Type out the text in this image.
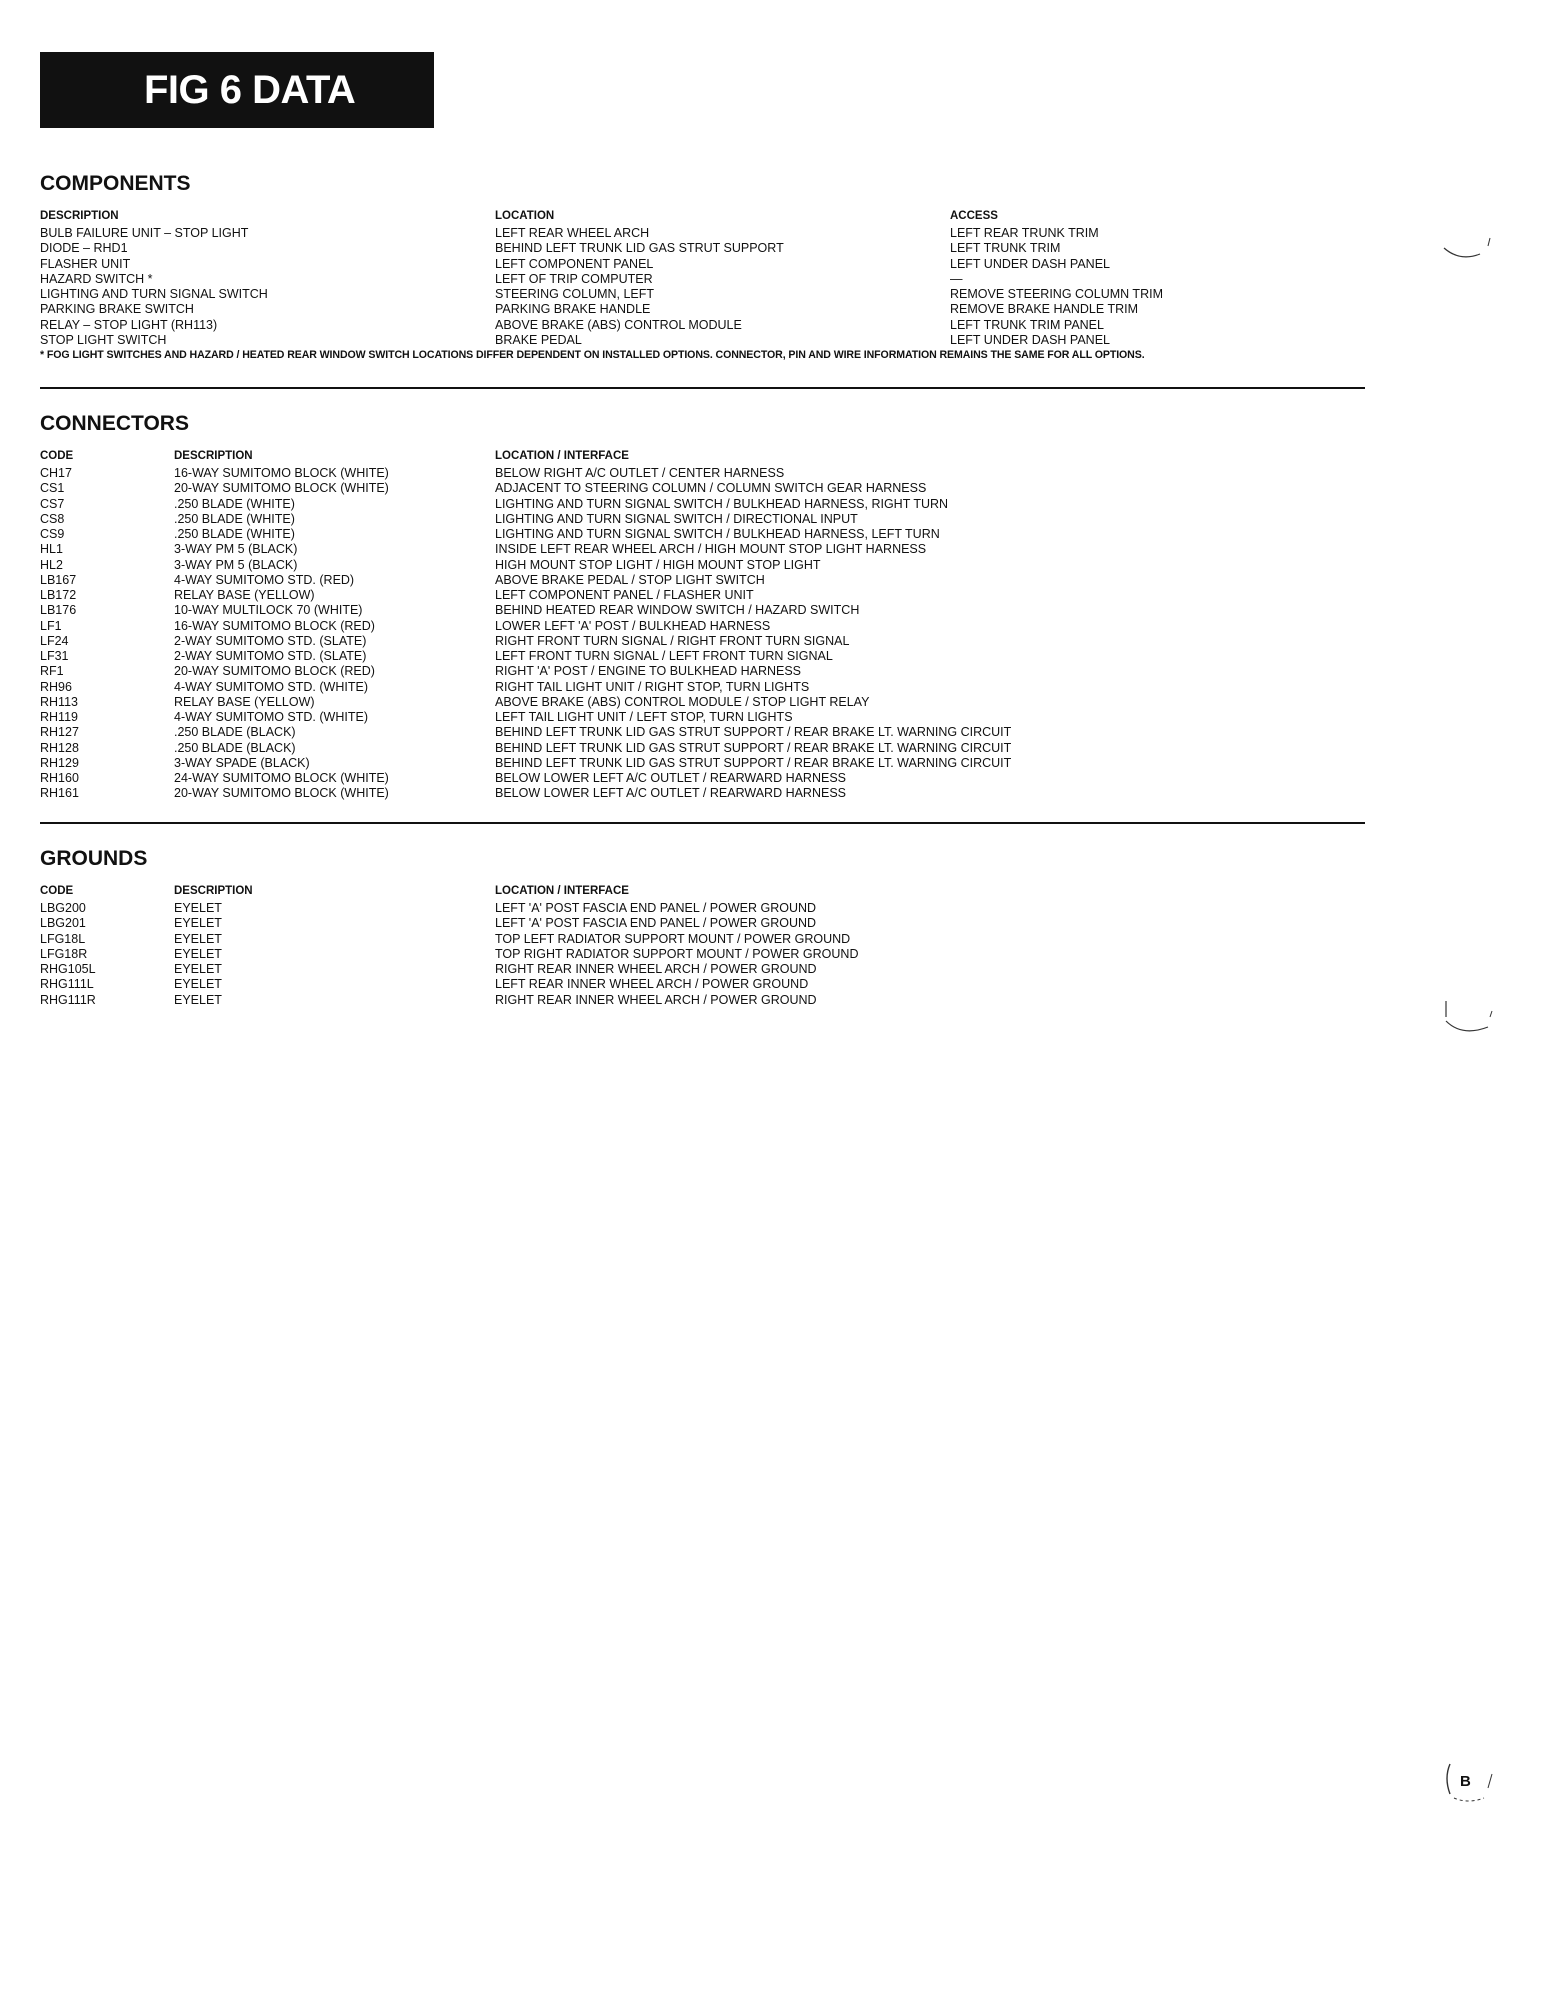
FIG 6 DATA
COMPONENTS
DESCRIPTION	LOCATION	ACCESS
BULB FAILURE UNIT – STOP LIGHT	LEFT REAR WHEEL ARCH	LEFT REAR TRUNK TRIM
DIODE – RHD1	BEHIND LEFT TRUNK LID GAS STRUT SUPPORT	LEFT TRUNK TRIM
FLASHER UNIT	LEFT COMPONENT PANEL	LEFT UNDER DASH PANEL
HAZARD SWITCH *	LEFT OF TRIP COMPUTER	—
LIGHTING AND TURN SIGNAL SWITCH	STEERING COLUMN, LEFT	REMOVE STEERING COLUMN TRIM
PARKING BRAKE SWITCH	PARKING BRAKE HANDLE	REMOVE BRAKE HANDLE TRIM
RELAY – STOP LIGHT (RH113)	ABOVE BRAKE (ABS) CONTROL MODULE	LEFT TRUNK TRIM PANEL
STOP LIGHT SWITCH	BRAKE PEDAL	LEFT UNDER DASH PANEL
* FOG LIGHT SWITCHES AND HAZARD / HEATED REAR WINDOW SWITCH LOCATIONS DIFFER DEPENDENT ON INSTALLED OPTIONS. CONNECTOR, PIN AND WIRE INFORMATION REMAINS THE SAME FOR ALL OPTIONS.
CONNECTORS
CODE	DESCRIPTION	LOCATION / INTERFACE
CH17	16-WAY SUMITOMO BLOCK (WHITE)	BELOW RIGHT A/C OUTLET / CENTER HARNESS
CS1	20-WAY SUMITOMO BLOCK (WHITE)	ADJACENT TO STEERING COLUMN / COLUMN SWITCH GEAR HARNESS
CS7	.250 BLADE (WHITE)	LIGHTING AND TURN SIGNAL SWITCH / BULKHEAD HARNESS, RIGHT TURN
CS8	.250 BLADE (WHITE)	LIGHTING AND TURN SIGNAL SWITCH / DIRECTIONAL INPUT
CS9	.250 BLADE (WHITE)	LIGHTING AND TURN SIGNAL SWITCH / BULKHEAD HARNESS, LEFT TURN
HL1	3-WAY PM 5 (BLACK)	INSIDE LEFT REAR WHEEL ARCH / HIGH MOUNT STOP LIGHT HARNESS
HL2	3-WAY PM 5 (BLACK)	HIGH MOUNT STOP LIGHT / HIGH MOUNT STOP LIGHT
LB167	4-WAY SUMITOMO STD. (RED)	ABOVE BRAKE PEDAL / STOP LIGHT SWITCH
LB172	RELAY BASE (YELLOW)	LEFT COMPONENT PANEL / FLASHER UNIT
LB176	10-WAY MULTILOCK 70 (WHITE)	BEHIND HEATED REAR WINDOW SWITCH / HAZARD SWITCH
LF1	16-WAY SUMITOMO BLOCK (RED)	LOWER LEFT 'A' POST / BULKHEAD HARNESS
LF24	2-WAY SUMITOMO STD. (SLATE)	RIGHT FRONT TURN SIGNAL / RIGHT FRONT TURN SIGNAL
LF31	2-WAY SUMITOMO STD. (SLATE)	LEFT FRONT TURN SIGNAL / LEFT FRONT TURN SIGNAL
RF1	20-WAY SUMITOMO BLOCK (RED)	RIGHT 'A' POST / ENGINE TO BULKHEAD HARNESS
RH96	4-WAY SUMITOMO STD. (WHITE)	RIGHT TAIL LIGHT UNIT / RIGHT STOP, TURN LIGHTS
RH113	RELAY BASE (YELLOW)	ABOVE BRAKE (ABS) CONTROL MODULE / STOP LIGHT RELAY
RH119	4-WAY SUMITOMO STD. (WHITE)	LEFT TAIL LIGHT UNIT / LEFT STOP, TURN LIGHTS
RH127	.250 BLADE (BLACK)	BEHIND LEFT TRUNK LID GAS STRUT SUPPORT / REAR BRAKE LT. WARNING CIRCUIT
RH128	.250 BLADE (BLACK)	BEHIND LEFT TRUNK LID GAS STRUT SUPPORT / REAR BRAKE LT. WARNING CIRCUIT
RH129	3-WAY SPADE (BLACK)	BEHIND LEFT TRUNK LID GAS STRUT SUPPORT / REAR BRAKE LT. WARNING CIRCUIT
RH160	24-WAY SUMITOMO BLOCK (WHITE)	BELOW LOWER LEFT A/C OUTLET / REARWARD HARNESS
RH161	20-WAY SUMITOMO BLOCK (WHITE)	BELOW LOWER LEFT A/C OUTLET / REARWARD HARNESS
GROUNDS
CODE	DESCRIPTION	LOCATION / INTERFACE
LBG200	EYELET	LEFT 'A' POST FASCIA END PANEL / POWER GROUND
LBG201	EYELET	LEFT 'A' POST FASCIA END PANEL / POWER GROUND
LFG18L	EYELET	TOP LEFT RADIATOR SUPPORT MOUNT / POWER GROUND
LFG18R	EYELET	TOP RIGHT RADIATOR SUPPORT MOUNT / POWER GROUND
RHG105L	EYELET	RIGHT REAR INNER WHEEL ARCH / POWER GROUND
RHG111L	EYELET	LEFT REAR INNER WHEEL ARCH / POWER GROUND
RHG111R	EYELET	RIGHT REAR INNER WHEEL ARCH / POWER GROUND
B
